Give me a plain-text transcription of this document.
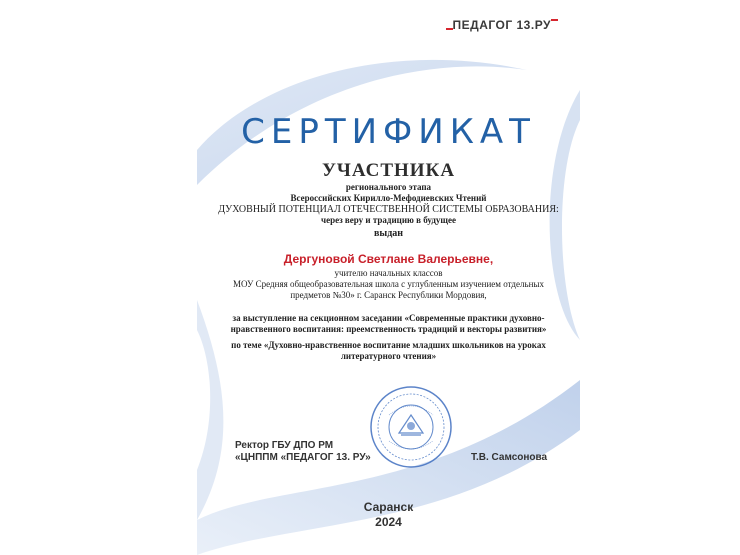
ПЕДАГОГ 13.РУ
СЕРТИФИКАТ
УЧАСТНИКА
регионального этапа
Всероссийских Кирилло-Мефодиевских Чтений
ДУХОВНЫЙ ПОТЕНЦИАЛ ОТЕЧЕСТВЕННОЙ СИСТЕМЫ ОБРАЗОВАНИЯ:
через веру и традицию в будущее
выдан
Дергуновой Светлане Валерьевне,
учителю начальных классов
МОУ Средняя общеобразовательная школа с углубленным изучением отдельных
предметов №30» г. Саранск Республики Мордовия,
за выступление на секционном заседании «Современные практики духовно-
нравственного воспитания: преемственность традиций и векторы развития»
по теме «Духовно-нравственное воспитание младших школьников на уроках
литературного чтения»
Ректор ГБУ ДПО РМ
«ЦНППМ «ПЕДАГОГ 13. РУ»	Т.В. Самсонова
Саранск
2024
